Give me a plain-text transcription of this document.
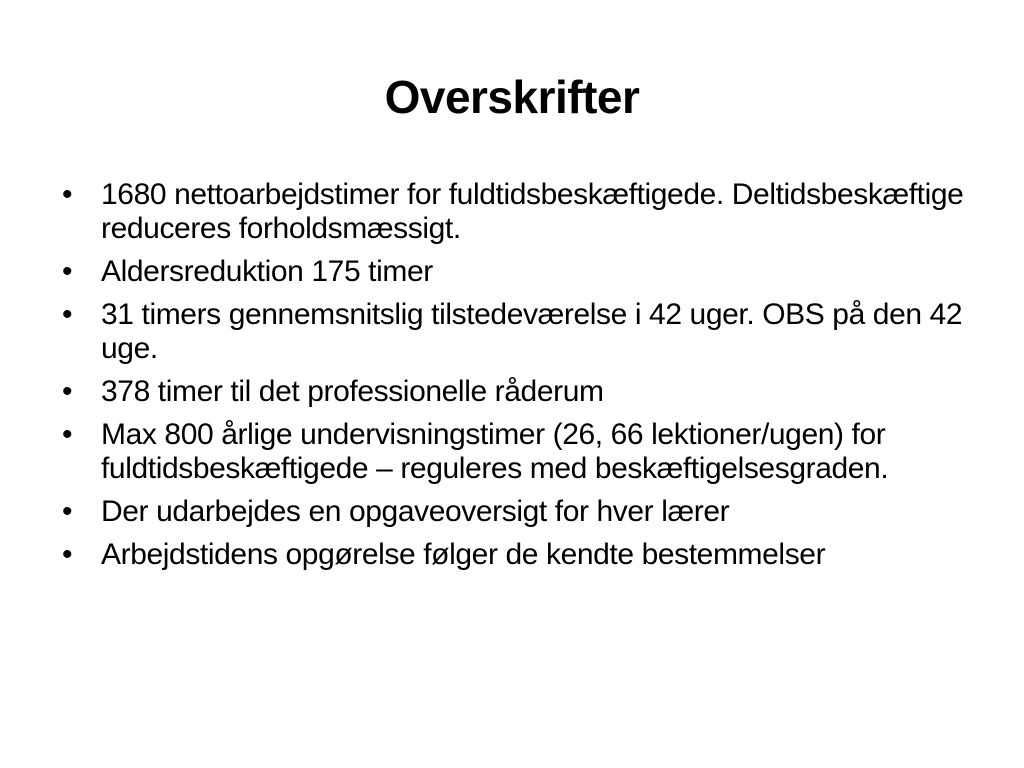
Overskrifter
• 1680 nettoarbejdstimer for fuldtidsbeskæftigede. Deltidsbeskæftige reduceres forholdsmæssigt.
• Aldersreduktion 175 timer
• 31 timers gennemsnitslig tilstedeværelse i 42 uger. OBS på den 42 uge.
• 378 timer til det professionelle råderum
• Max 800 årlige undervisningstimer (26, 66 lektioner/ugen) for fuldtidsbeskæftigede – reguleres med beskæftigelsesgraden.
• Der udarbejdes en opgaveoversigt for hver lærer
• Arbejdstidens opgørelse følger de kendte bestemmelser
